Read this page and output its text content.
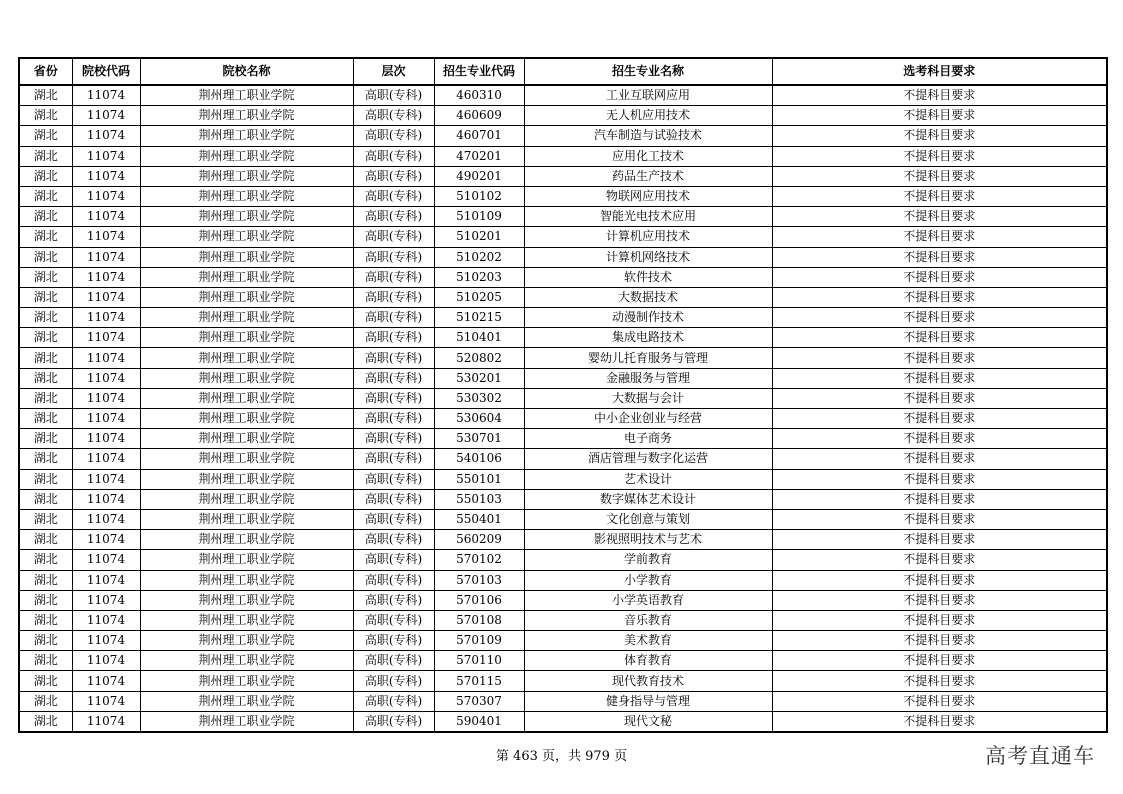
省份	院校代码	院校名称	层次	招生专业代码	招生专业名称	选考科目要求
湖北	11074	荆州理工职业学院	高职(专科)	460310	工业互联网应用	不提科目要求
湖北	11074	荆州理工职业学院	高职(专科)	460609	无人机应用技术	不提科目要求
湖北	11074	荆州理工职业学院	高职(专科)	460701	汽车制造与试验技术	不提科目要求
湖北	11074	荆州理工职业学院	高职(专科)	470201	应用化工技术	不提科目要求
湖北	11074	荆州理工职业学院	高职(专科)	490201	药品生产技术	不提科目要求
湖北	11074	荆州理工职业学院	高职(专科)	510102	物联网应用技术	不提科目要求
湖北	11074	荆州理工职业学院	高职(专科)	510109	智能光电技术应用	不提科目要求
湖北	11074	荆州理工职业学院	高职(专科)	510201	计算机应用技术	不提科目要求
湖北	11074	荆州理工职业学院	高职(专科)	510202	计算机网络技术	不提科目要求
湖北	11074	荆州理工职业学院	高职(专科)	510203	软件技术	不提科目要求
湖北	11074	荆州理工职业学院	高职(专科)	510205	大数据技术	不提科目要求
湖北	11074	荆州理工职业学院	高职(专科)	510215	动漫制作技术	不提科目要求
湖北	11074	荆州理工职业学院	高职(专科)	510401	集成电路技术	不提科目要求
湖北	11074	荆州理工职业学院	高职(专科)	520802	婴幼儿托育服务与管理	不提科目要求
湖北	11074	荆州理工职业学院	高职(专科)	530201	金融服务与管理	不提科目要求
湖北	11074	荆州理工职业学院	高职(专科)	530302	大数据与会计	不提科目要求
湖北	11074	荆州理工职业学院	高职(专科)	530604	中小企业创业与经营	不提科目要求
湖北	11074	荆州理工职业学院	高职(专科)	530701	电子商务	不提科目要求
湖北	11074	荆州理工职业学院	高职(专科)	540106	酒店管理与数字化运营	不提科目要求
湖北	11074	荆州理工职业学院	高职(专科)	550101	艺术设计	不提科目要求
湖北	11074	荆州理工职业学院	高职(专科)	550103	数字媒体艺术设计	不提科目要求
湖北	11074	荆州理工职业学院	高职(专科)	550401	文化创意与策划	不提科目要求
湖北	11074	荆州理工职业学院	高职(专科)	560209	影视照明技术与艺术	不提科目要求
湖北	11074	荆州理工职业学院	高职(专科)	570102	学前教育	不提科目要求
湖北	11074	荆州理工职业学院	高职(专科)	570103	小学教育	不提科目要求
湖北	11074	荆州理工职业学院	高职(专科)	570106	小学英语教育	不提科目要求
湖北	11074	荆州理工职业学院	高职(专科)	570108	音乐教育	不提科目要求
湖北	11074	荆州理工职业学院	高职(专科)	570109	美术教育	不提科目要求
湖北	11074	荆州理工职业学院	高职(专科)	570110	体育教育	不提科目要求
湖北	11074	荆州理工职业学院	高职(专科)	570115	现代教育技术	不提科目要求
湖北	11074	荆州理工职业学院	高职(专科)	570307	健身指导与管理	不提科目要求
湖北	11074	荆州理工职业学院	高职(专科)	590401	现代文秘	不提科目要求
第 463 页，共 979 页	高考直通车
